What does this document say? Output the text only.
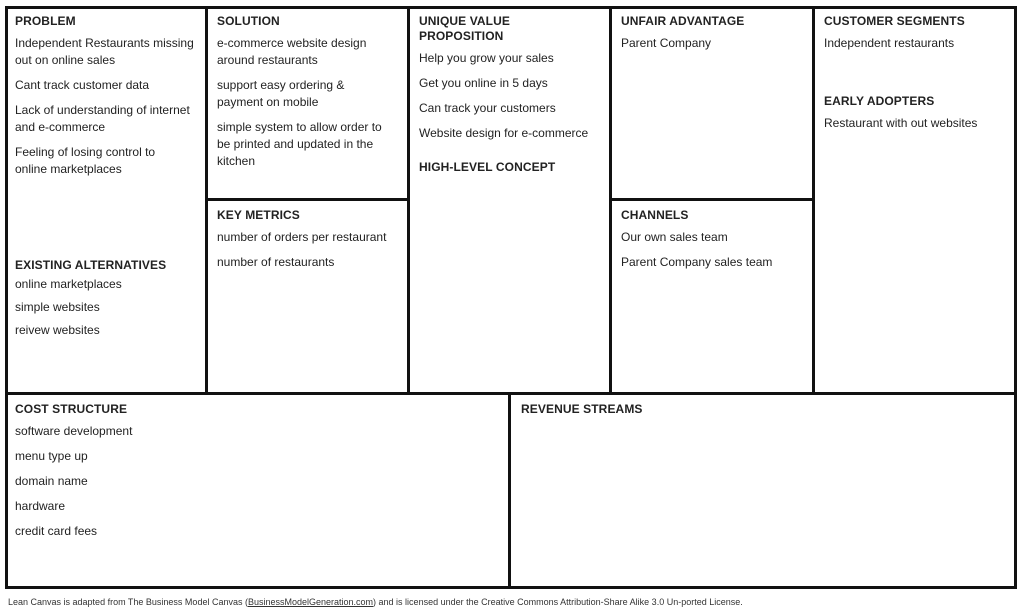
PROBLEM
Independent Restaurants missing out on online sales
Cant track customer data
Lack of understanding of internet and e-commerce
Feeling of losing control to online marketplaces
EXISTING ALTERNATIVES
online marketplaces
simple websites
reivew websites
SOLUTION
e-commerce website design around restaurants
support easy ordering & payment on mobile
simple system to allow order to be printed and updated in the kitchen
KEY METRICS
number of orders per restaurant
number of restaurants
UNIQUE VALUE PROPOSITION
Help you grow your sales
Get you online in 5 days
Can track your customers
Website design for e-commerce
HIGH-LEVEL CONCEPT
UNFAIR ADVANTAGE
Parent Company
CHANNELS
Our own sales team
Parent Company sales team
CUSTOMER SEGMENTS
Independent restaurants
EARLY ADOPTERS
Restaurant with out websites
COST STRUCTURE
software development
menu type up
domain name
hardware
credit card fees
REVENUE STREAMS
Lean Canvas is adapted from The Business Model Canvas (BusinessModelGeneration.com) and is licensed under the Creative Commons Attribution-Share Alike 3.0 Un-ported License.
